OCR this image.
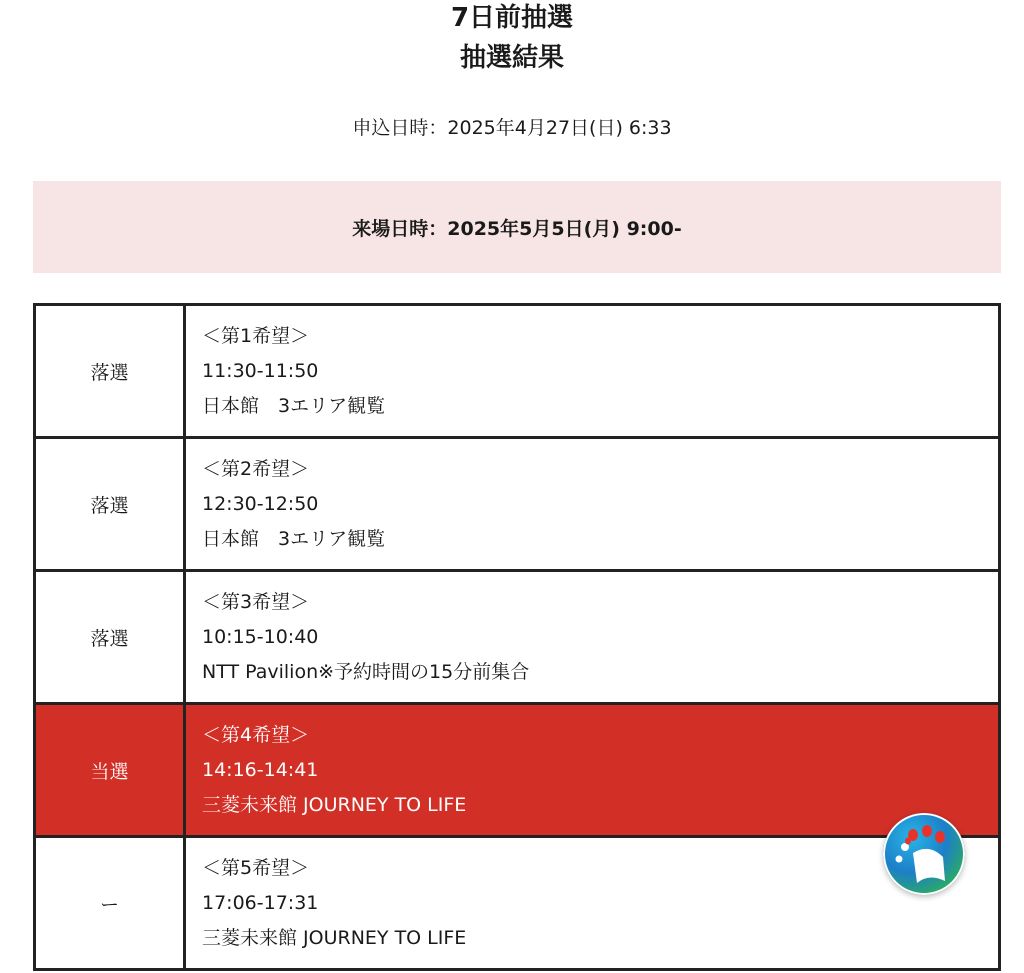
7日前抽選

抽選結果

申込日時：2025年4月27日(日) 6:33
来場日時：2025年5月5日(月) 9:00-
落選	＜第1希望＞
11:30-11:50
日本館　3エリア観覧

落選	＜第2希望＞
12:30-12:50
日本館　3エリア観覧

落選	＜第3希望＞
10:15-10:40
NTT Pavilion※予約時間の15分前集合

当選	＜第4希望＞
14:16-14:41
三菱未来館 JOURNEY TO LIFE

ー	＜第5希望＞
17:06-17:31
三菱未来館 JOURNEY TO LIFE
